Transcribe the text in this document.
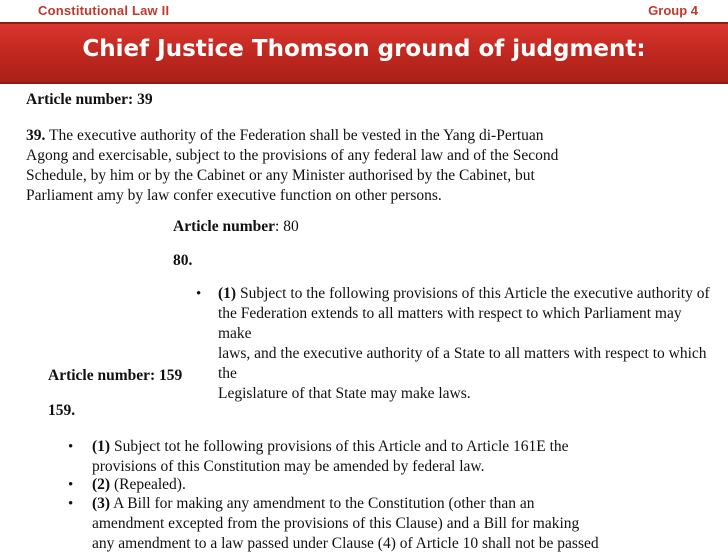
Constitutional Law II	Group 4
Chief Justice Thomson ground of judgment:
Article number: 39
39. The executive authority of the Federation shall be vested in the Yang di-Pertuan
Agong and exercisable, subject to the provisions of any federal law and of the Second
Schedule, by him or by the Cabinet or any Minister authorised by the Cabinet, but
Parliament amy by law confer executive function on other persons.
Article number: 80
80.
• (1) Subject to the following provisions of this Article the executive authority of
the Federation extends to all matters with respect to which Parliament may make
laws, and the executive authority of a State to all matters with respect to which the
Legislature of that State may make laws.
Article number: 159
159.
• (1) Subject tot he following provisions of this Article and to Article 161E the
provisions of this Constitution may be amended by federal law.
• (2) (Repealed).
• (3) A Bill for making any amendment to the Constitution (other than an
amendment excepted from the provisions of this Clause) and a Bill for making
any amendment to a law passed under Clause (4) of Article 10 shall not be passed
